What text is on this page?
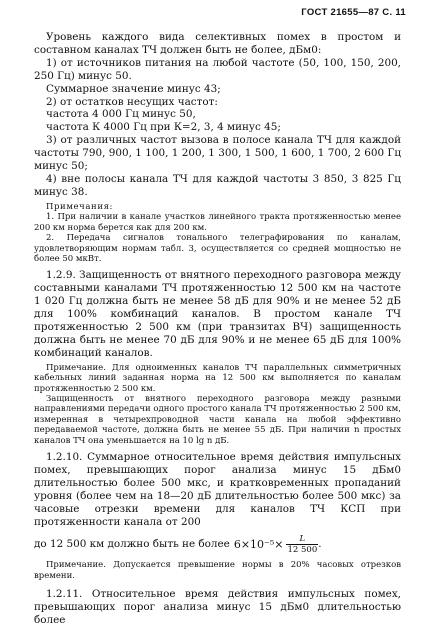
ГОСТ 21655—87 С. 11

Уровень каждого вида селективных помех в простом и составном каналах ТЧ должен быть не более, дБм0:

1) от источников питания на любой частоте (50, 100, 150, 200, 250 Гц) минус 50.

Суммарное значение минус 43;

2) от остатков несущих частот:

частота 4 000 Гц минус 50,

частота К 4000 Гц при К=2, 3, 4 минус 45;

3) от различных частот вызова в полосе канала ТЧ для каждой частоты 790, 900, 1 100, 1 200, 1 300, 1 500, 1 600, 1 700, 2 600 Гц минус 50;

4) вне полосы канала ТЧ для каждой частоты 3 850, 3 825 Гц минус 38.

Примечания:

1. При наличии в канале участков линейного тракта протяженностью менее 200 км норма берется как для 200 км.

2. Передача сигналов тонального телеграфирования по каналам, удовлетворяющим нормам табл. 3, осуществляется со средней мощностью не более 50 мкВт.

1.2.9. Защищенность от внятного переходного разговора между составными каналами ТЧ протяженностью 12 500 км на частоте 1 020 Гц должна быть не менее 58 дБ для 90% и не менее 52 дБ для 100% комбинаций каналов. В простом канале ТЧ протяженностью 2 500 км (при транзитах ВЧ) защищенность должна быть не менее 70 дБ для 90% и не менее 65 дБ для 100% комбинаций каналов.

Примечание. Для одноименных каналов ТЧ параллельных симметричных кабельных линий заданная норма на 12 500 км выполняется по каналам протяженностью 2 500 км.

Защищенность от внятного переходного разговора между разными направлениями передачи одного простого канала ТЧ протяженностью 2 500 км, измеренная в четырехпроводной части канала на любой эффективно передаваемой частоте, должна быть не менее 55 дБ. При наличии n простых каналов ТЧ она уменьшается на 10 lg n дБ.

1.2.10. Суммарное относительное время действия импульсных помех, превышающих порог анализа минус 15 дБм0 длительностью более 500 мкс, и кратковременных пропаданий уровня (более чем на 18—20 дБ длительностью более 500 мкс) за часовые отрезки времени для каналов ТЧ КСП при протяженности канала от 200

до 12 500 км должно быть не более $6\times 10^{-5}\times \frac{L}{12 500}$ .

Примечание. Допускается превышение нормы в 20% часовых отрезков времени.

1.2.11. Относительное время действия импульсных помех, превышающих порог анализа минус 15 дБм0 длительностью более
